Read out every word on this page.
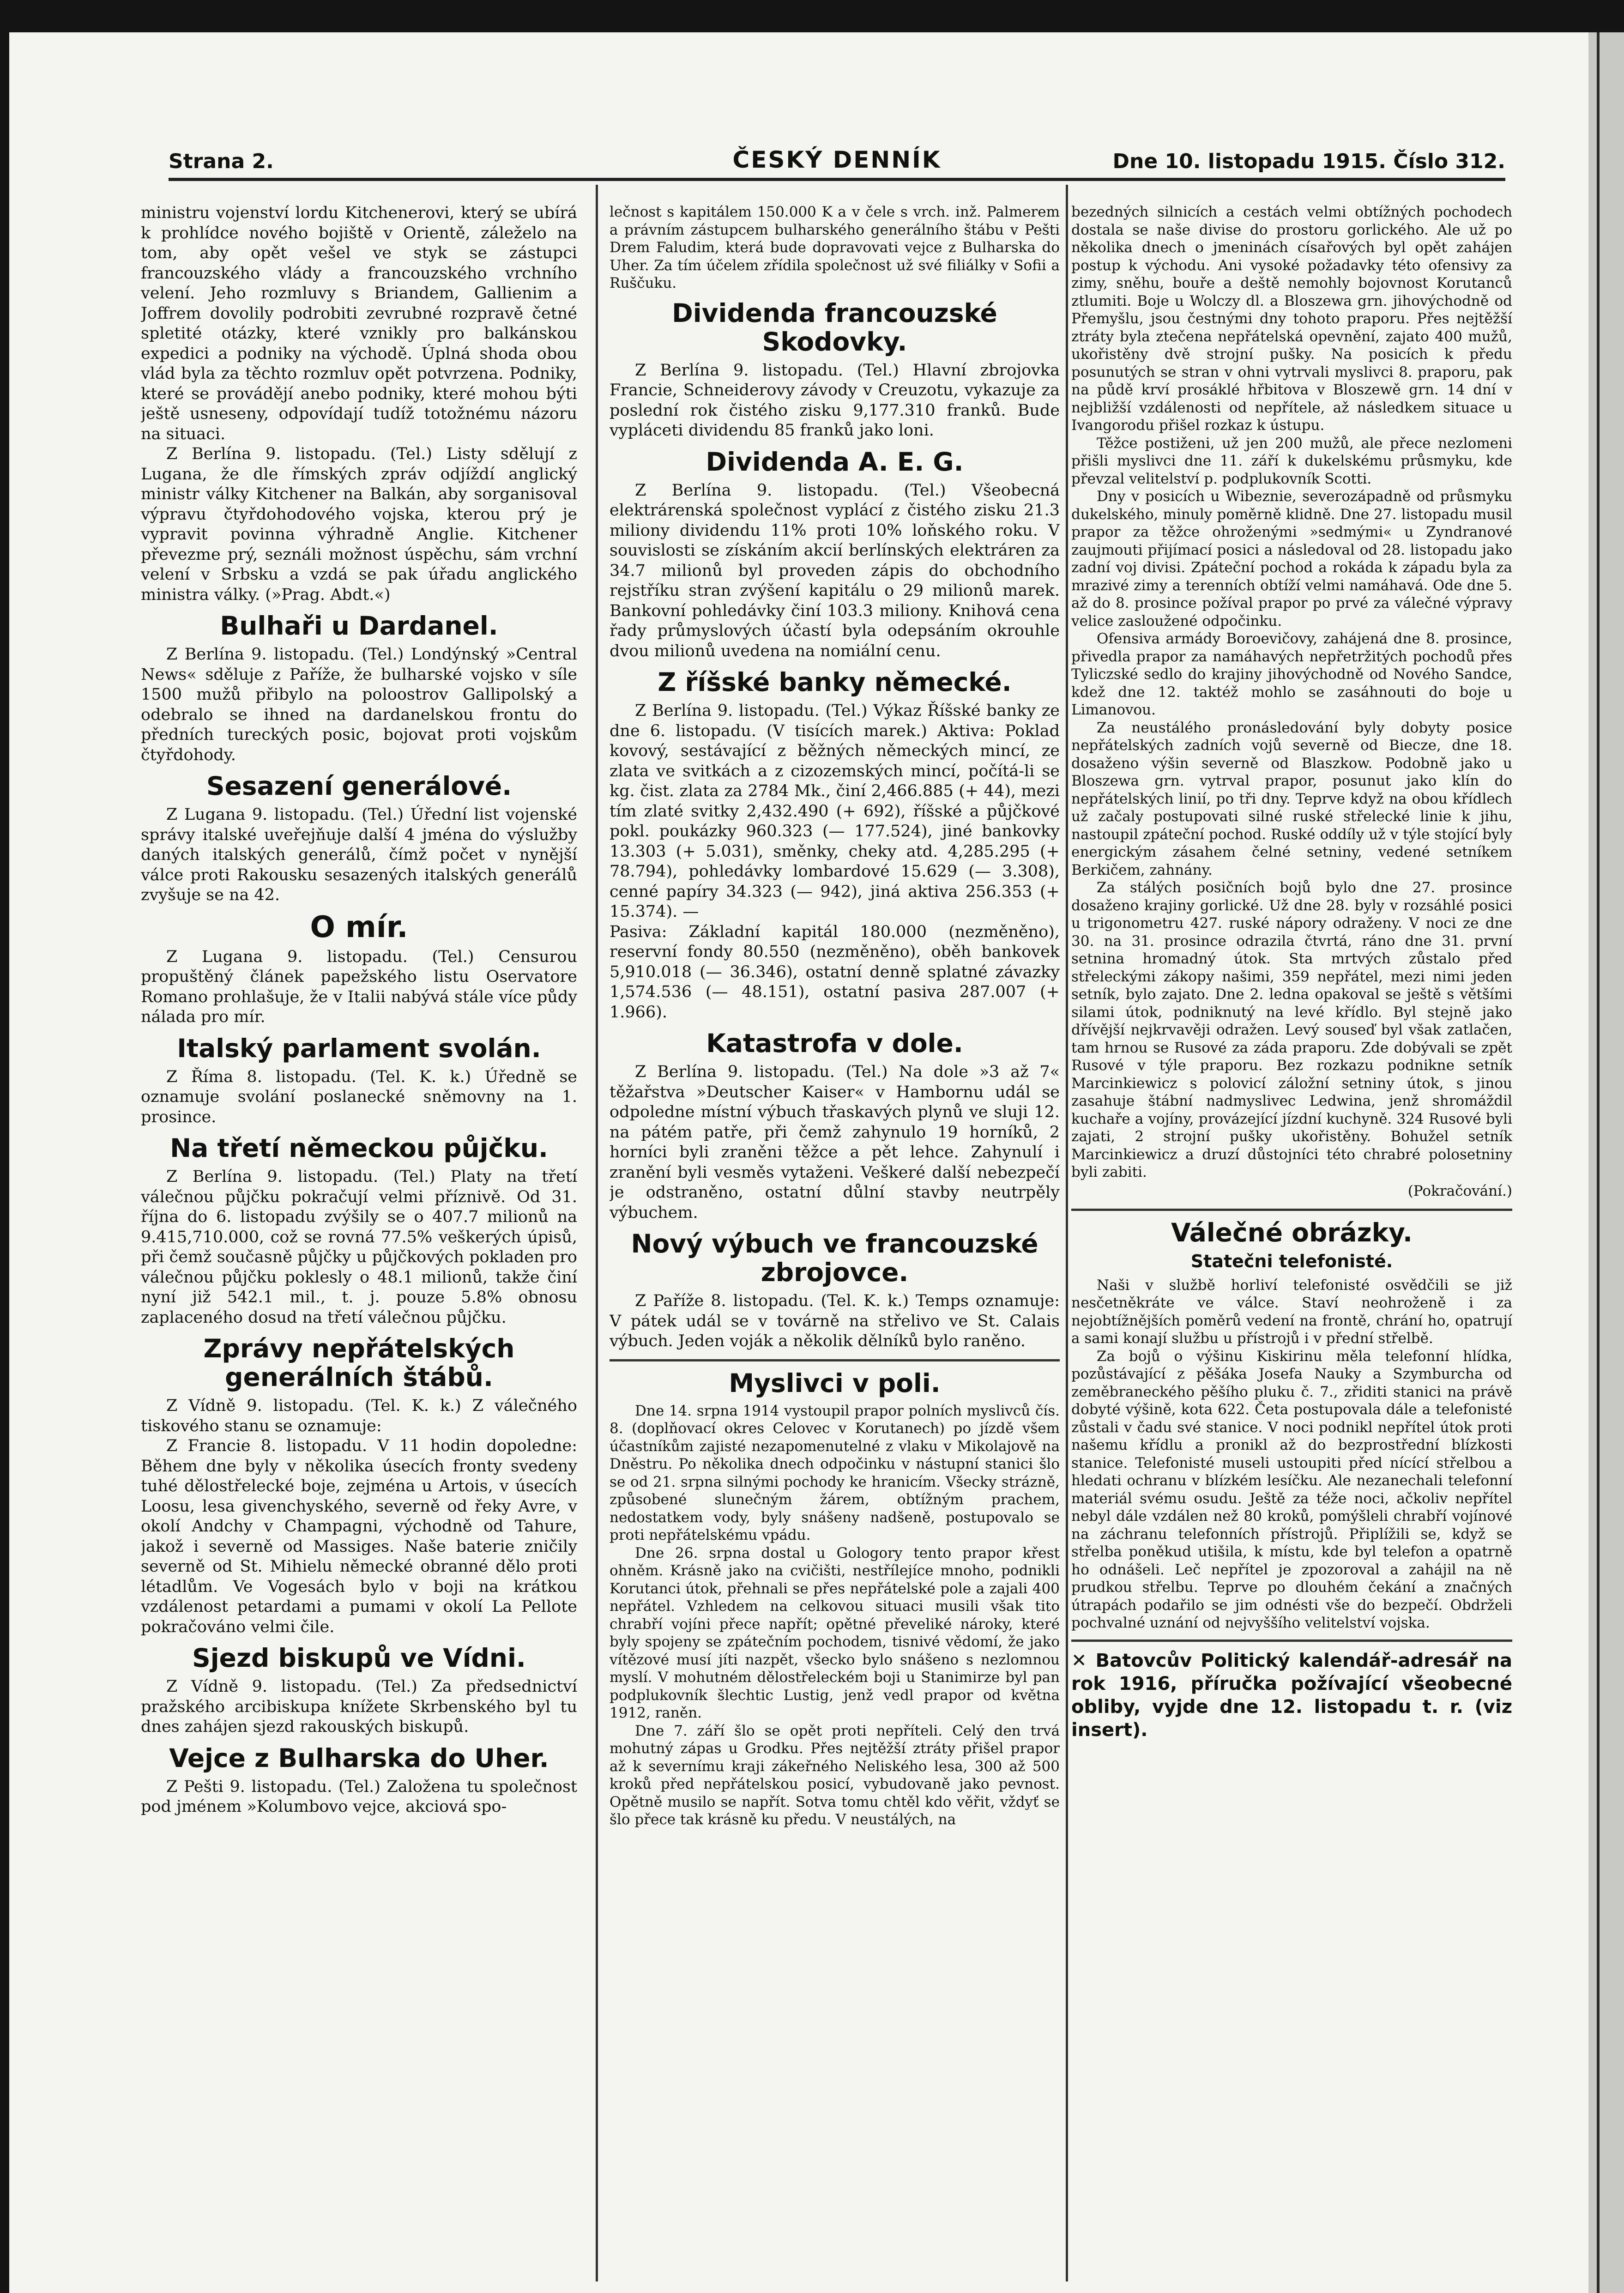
Strana 2.	ČESKÝ DENNÍK	Dne 10. listopadu 1915. Číslo 312.

ministru vojenství lordu Kitchenerovi, který se ubírá k prohlídce nového bojiště v Orientě, záleželo na tom, aby opět vešel ve styk se zástupci francouzského vlády a francouzského vrchního velení. Jeho rozmluvy s Briandem, Gallienim a Joffrem dovolily podrobiti zevrubné rozpravě četné spletité otázky, které vznikly pro balkánskou expedici a podniky na východě. Úplná shoda obou vlád byla za těchto rozmluv opět potvrzena. Podniky, které se provádějí anebo podniky, které mohou býti ještě usneseny, odpovídají tudíž totožnému názoru na situaci.

Z Berlína 9. listopadu. (Tel.) Listy sdělují z Lugana, že dle římských zpráv odjíždí anglický ministr války Kitchener na Balkán, aby sorganisoval výpravu čtyřdohodového vojska, kterou prý je vypravit povinna výhradně Anglie. Kitchener převezme prý, seználi možnost úspěchu, sám vrchní velení v Srbsku a vzdá se pak úřadu anglického ministra války. (»Prag. Abdt.«)

Bulhaři u Dardanel.

Z Berlína 9. listopadu. (Tel.) Londýnský »Central News« sděluje z Paříže, že bulharské vojsko v síle 1500 mužů přibylo na poloostrov Gallipolský a odebralo se ihned na dardanelskou frontu do předních tureckých posic, bojovat proti vojskům čtyřdohody.

Sesazení generálové.

Z Lugana 9. listopadu. (Tel.) Úřední list vojenské správy italské uveřejňuje další 4 jména do výslužby daných italských generálů, čímž počet v nynější válce proti Rakousku sesazených italských generálů zvyšuje se na 42.

O mír.

Z Lugana 9. listopadu. (Tel.) Censurou propuštěný článek papežského listu Oservatore Romano prohlašuje, že v Italii nabývá stále více půdy nálada pro mír.

Italský parlament svolán.

Z Říma 8. listopadu. (Tel. K. k.) Úředně se oznamuje svolání poslanecké sněmovny na 1. prosince.

Na třetí německou půjčku.

Z Berlína 9. listopadu. (Tel.) Platy na třetí válečnou půjčku pokračují velmi příznivě. Od 31. října do 6. listopadu zvýšily se o 407.7 milionů na 9.415,710.000, což se rovná 77.5% veškerých úpisů, při čemž současně půjčky u půjčkových pokladen pro válečnou půjčku poklesly o 48.1 milionů, takže činí nyní již 542.1 mil., t. j. pouze 5.8% obnosu zaplaceného dosud na třetí válečnou půjčku.

Zprávy nepřátelských generálních štábů.

Z Vídně 9. listopadu. (Tel. K. k.) Z válečného tiskového stanu se oznamuje:

Z Francie 8. listopadu. V 11 hodin dopoledne: Během dne byly v několika úsecích fronty svedeny tuhé dělostřelecké boje, zejména u Artois, v úsecích Loosu, lesa givenchyského, severně od řeky Avre, v okolí Andchy v Champagni, východně od Tahure, jakož i severně od Massiges. Naše baterie zničily severně od St. Mihielu německé obranné dělo proti létadlům. Ve Vogesách bylo v boji na krátkou vzdálenost petardami a pumami v okolí La Pellote pokračováno velmi čile.

Sjezd biskupů ve Vídni.

Z Vídně 9. listopadu. (Tel.) Za předsednictví pražského arcibiskupa knížete Skrbenského byl tu dnes zahájen sjezd rakouských biskupů.

Vejce z Bulharska do Uher.

Z Pešti 9. listopadu. (Tel.) Založena tu společnost pod jménem »Kolumbovo vejce, akciová spo-

lečnost s kapitálem 150.000 K a v čele s vrch. inž. Palmerem a právním zástupcem bulharského generálního štábu v Pešti Drem Faludim, která bude dopravovati vejce z Bulharska do Uher. Za tím účelem zřídila společnost už své filiálky v Sofii a Ruščuku.

Dividenda francouzské Skodovky.

Z Berlína 9. listopadu. (Tel.) Hlavní zbrojovka Francie, Schneiderovy závody v Creuzotu, vykazuje za poslední rok čistého zisku 9,177.310 franků. Bude vypláceti dividendu 85 franků jako loni.

Dividenda A. E. G.

Z Berlína 9. listopadu. (Tel.) Všeobecná elektrárenská společnost vyplácí z čistého zisku 21.3 miliony dividendu 11% proti 10% loňského roku. V souvislosti se získáním akcií berlínských elektráren za 34.7 milionů byl proveden zápis do obchodního rejstříku stran zvýšení kapitálu o 29 milionů marek. Bankovní pohledávky činí 103.3 miliony. Knihová cena řady průmyslových účastí byla odepsáním okrouhle dvou milionů uvedena na nomiální cenu.

Z říšské banky německé.

Z Berlína 9. listopadu. (Tel.) Výkaz Říšské banky ze dne 6. listopadu. (V tisících marek.) Aktiva: Poklad kovový, sestávající z běžných německých mincí, ze zlata ve svitkách a z cizozemských mincí, počítá-li se kg. čist. zlata za 2784 Mk., činí 2,466.885 (+ 44), mezi tím zlaté svitky 2,432.490 (+ 692), říšské a půjčkové pokl. poukázky 960.323 (— 177.524), jiné bankovky 13.303 (+ 5.031), směnky, cheky atd. 4,285.295 (+ 78.794), pohledávky lombardové 15.629 (— 3.308), cenné papíry 34.323 (— 942), jiná aktiva 256.353 (+ 15.374). —

Pasiva: Základní kapitál 180.000 (nezměněno), reservní fondy 80.550 (nezměněno), oběh bankovek 5,910.018 (— 36.346), ostatní denně splatné závazky 1,574.536 (— 48.151), ostatní pasiva 287.007 (+ 1.966).

Katastrofa v dole.

Z Berlína 9. listopadu. (Tel.) Na dole »3 až 7« těžařstva »Deutscher Kaiser« v Hambornu udál se odpoledne místní výbuch třaskavých plynů ve sluji 12. na pátém patře, při čemž zahynulo 19 horníků, 2 horníci byli zraněni těžce a pět lehce. Zahynulí i zranění byli vesměs vytaženi. Veškeré další nebezpečí je odstraněno, ostatní důlní stavby neutrpěly výbuchem.

Nový výbuch ve francouzské zbrojovce.

Z Paříže 8. listopadu. (Tel. K. k.) Temps oznamuje: V pátek udál se v továrně na střelivo ve St. Calais výbuch. Jeden voják a několik dělníků bylo raněno.

Myslivci v poli.

Dne 14. srpna 1914 vystoupil prapor polních myslivců čís. 8. (doplňovací okres Celovec v Korutanech) po jízdě všem účastníkům zajisté nezapomenutelné z vlaku v Mikolajově na Dněstru. Po několika dnech odpočinku v nástupní stanici šlo se od 21. srpna silnými pochody ke hranicím. Všecky strázně, způsobené slunečným žárem, obtížným prachem, nedostatkem vody, byly snášeny nadšeně, postupovalo se proti nepřátelskému vpádu.

Dne 26. srpna dostal u Gologory tento prapor křest ohněm. Krásně jako na cvičišti, nestřílejíce mnoho, podnikli Korutanci útok, přehnali se přes nepřátelské pole a zajali 400 nepřátel. Vzhledem na celkovou situaci musili však tito chrabří vojíni přece napřít; opětné převeliké nároky, které byly spojeny se zpátečním pochodem, tisnivé vědomí, že jako vítězové musí jíti nazpět, všecko bylo snášeno s nezlomnou myslí. V mohutném dělostřeleckém boji u Stanimirze byl pan podplukovník šlechtic Lustig, jenž vedl prapor od května 1912, raněn.

Dne 7. září šlo se opět proti nepříteli. Celý den trvá mohutný zápas u Grodku. Přes nejtěžší ztráty přišel prapor až k severnímu kraji zákeřného Neliského lesa, 300 až 500 kroků před nepřátelskou posicí, vybudovaně jako pevnost. Opětně musilo se napřít. Sotva tomu chtěl kdo věřit, vždyť se šlo přece tak krásně ku předu. V neustálých, na

bezedných silnicích a cestách velmi obtížných pochodech dostala se naše divise do prostoru gorlického. Ale už po několika dnech o jmeninách císařových byl opět zahájen postup k východu. Ani vysoké požadavky této ofensivy za zimy, sněhu, bouře a deště nemohly bojovnost Korutanců ztlumiti. Boje u Wolczy dl. a Bloszewa grn. jihovýchodně od Přemyšlu, jsou čestnými dny tohoto praporu. Přes nejtěžší ztráty byla ztečena nepřátelská opevnění, zajato 400 mužů, ukořistěny dvě strojní pušky. Na posicích k předu posunutých se stran v ohni vytrvali myslivci 8. praporu, pak na půdě krví prosáklé hřbitova v Bloszewě grn. 14 dní v nejbližší vzdálenosti od nepřítele, až následkem situace u Ivangorodu přišel rozkaz k ústupu.

Těžce postiženi, už jen 200 mužů, ale přece nezlomeni přišli myslivci dne 11. září k dukelskému průsmyku, kde převzal velitelství p. podplukovník Scotti.

Dny v posicích u Wibeznie, severozápadně od průsmyku dukelského, minuly poměrně klidně. Dne 27. listopadu musil prapor za těžce ohroženými »sedmými« u Zyndranové zaujmouti přijímací posici a následoval od 28. listopadu jako zadní voj divisi. Zpáteční pochod a rokáda k západu byla za mrazivé zimy a terenních obtíží velmi namáhavá. Ode dne 5. až do 8. prosince požíval prapor po prvé za válečné výpravy velice zasloužené odpočinku.

Ofensiva armády Boroevičovy, zahájená dne 8. prosince, přivedla prapor za namáhavých nepřetržitých pochodů přes Tyliczské sedlo do krajiny jihovýchodně od Nového Sandce, kdež dne 12. taktéž mohlo se zasáhnouti do boje u Limanovou.

Za neustálého pronásledování byly dobyty posice nepřátelských zadních vojů severně od Biecze, dne 18. dosaženo výšin severně od Blaszkow. Podobně jako u Bloszewa grn. vytrval prapor, posunut jako klín do nepřátelských linií, po tři dny. Teprve když na obou křídlech už začaly postupovati silné ruské střelecké linie k jihu, nastoupil zpáteční pochod. Ruské oddíly už v týle stojící byly energickým zásahem čelné setniny, vedené setníkem Berkičem, zahnány.

Za stálých posičních bojů bylo dne 27. prosince dosaženo krajiny gorlické. Už dne 28. byly v rozsáhlé posici u trigonometru 427. ruské nápory odraženy. V noci ze dne 30. na 31. prosince odrazila čtvrtá, ráno dne 31. první setnina hromadný útok. Sta mrtvých zůstalo před střeleckými zákopy našimi, 359 nepřátel, mezi nimi jeden setník, bylo zajato. Dne 2. ledna opakoval se ještě s většími silami útok, podniknutý na levé křídlo. Byl stejně jako dřívější nejkrvavěji odražen. Levý souseď byl však zatlačen, tam hrnou se Rusové za záda praporu. Zde dobývali se zpět Rusové v týle praporu. Bez rozkazu podnikne setník Marcinkiewicz s polovicí záložní setniny útok, s jinou zasahuje štábní nadmyslivec Ledwina, jenž shromáždil kuchaře a vojíny, provázející jízdní kuchyně. 324 Rusové byli zajati, 2 strojní pušky ukořistěny. Bohužel setník Marcinkiewicz a druzí důstojníci této chrabré polosetniny byli zabiti.

(Pokračování.)

Válečné obrázky.
Statečni telefonisté.

Naši v službě horliví telefonisté osvědčili se již nesčetněkráte ve válce. Staví neohroženě i za nejobtížnějších poměrů vedení na frontě, chrání ho, opatrují a sami konají službu u přístrojů i v přední střelbě.

Za bojů o výšinu Kiskirinu měla telefonní hlídka, pozůstávající z pěšáka Josefa Nauky a Szymburcha od zeměbraneckého pěšího pluku č. 7., zřiditi stanici na právě dobyté výšině, kota 622. Četa postupovala dále a telefonisté zůstali v čadu své stanice. V noci podnikl nepřítel útok proti našemu křídlu a pronikl až do bezprostřední blízkosti stanice. Telefonisté museli ustoupiti před nícící střelbou a hledati ochranu v blízkém lesíčku. Ale nezanechali telefonní materiál svému osudu. Ještě za téže noci, ačkoliv nepřítel nebyl dále vzdálen než 80 kroků, pomýšleli chrabří vojínové na záchranu telefonních přístrojů. Připlížili se, když se střelba poněkud utišila, k místu, kde byl telefon a opatrně ho odnášeli. Leč nepřítel je zpozoroval a zahájil na ně prudkou střelbu. Teprve po dlouhém čekání a značných útrapách podařilo se jim odnésti vše do bezpečí. Obdrželi pochvalné uznání od nejvyššího velitelství vojska.

✕ Batovcův Politický kalendář-adresář na rok 1916, příručka požívající všeobecné obliby, vyjde dne 12. listopadu t. r. (viz insert).
